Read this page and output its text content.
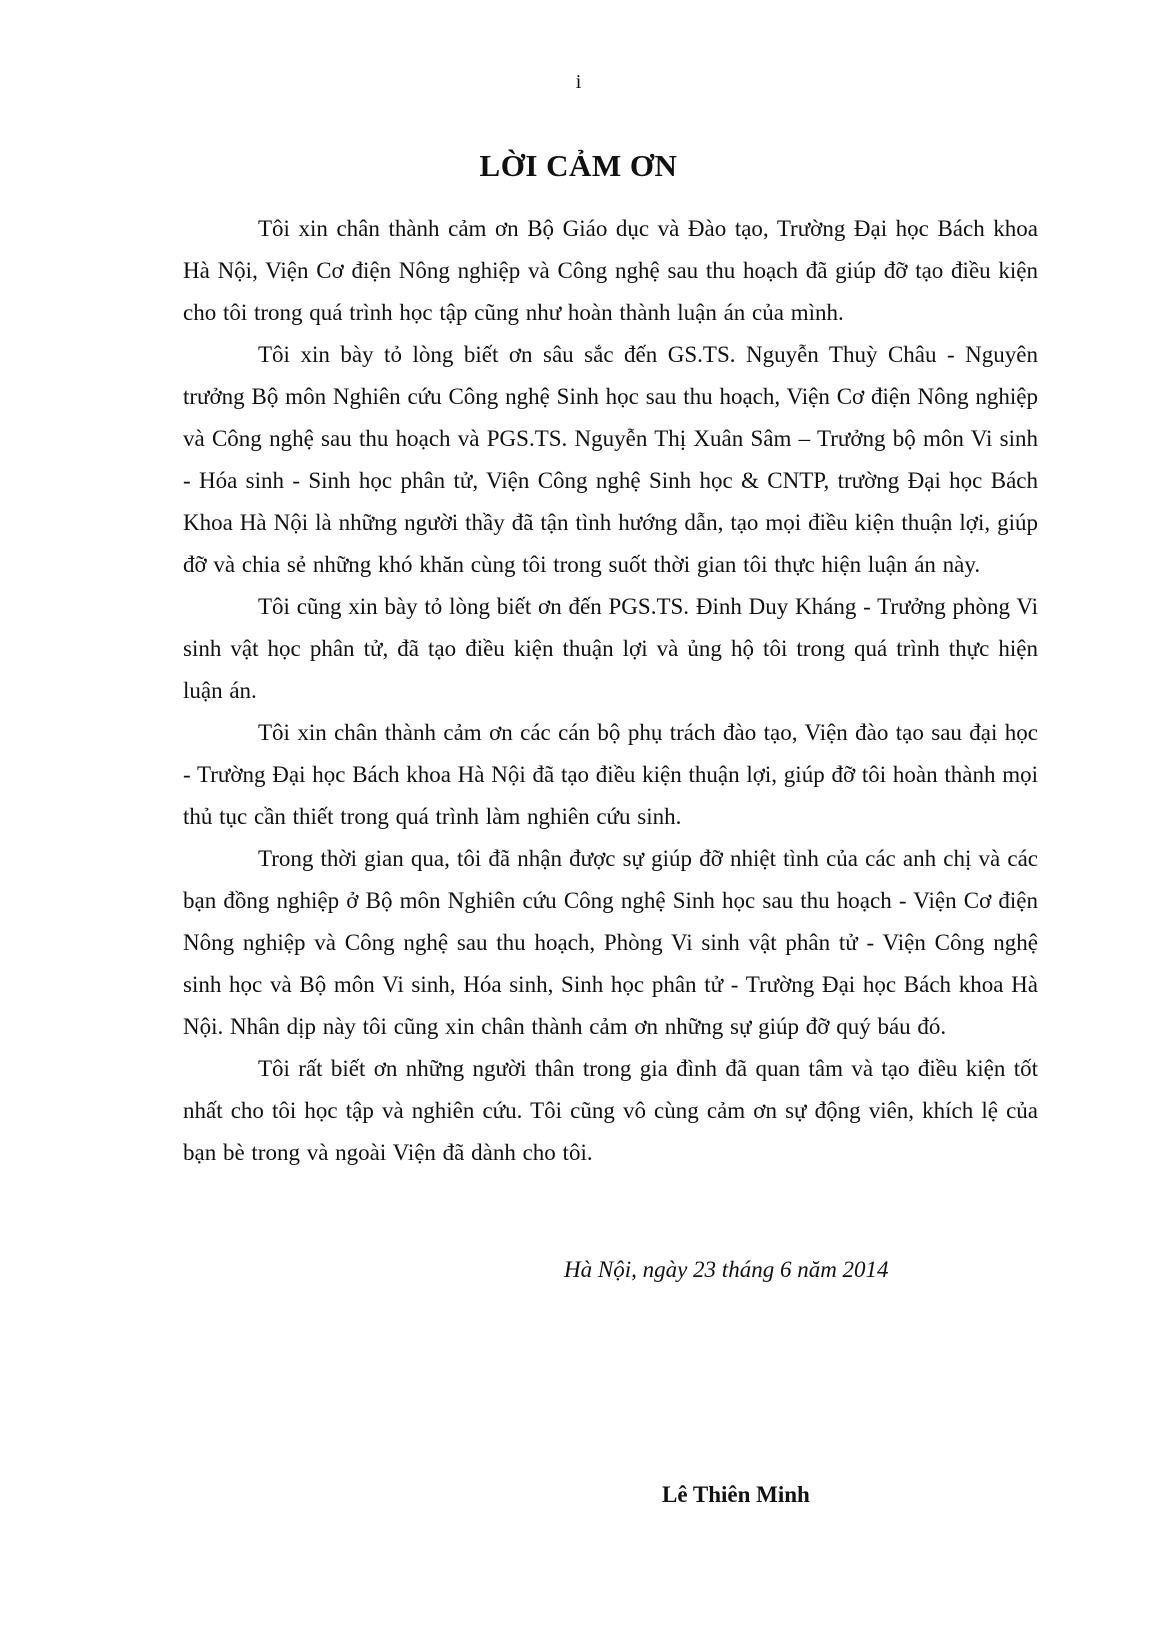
i
LỜI CẢM ƠN

Tôi xin chân thành cảm ơn Bộ Giáo dục và Đào tạo, Trường Đại học Bách khoa Hà Nội, Viện Cơ điện Nông nghiệp và Công nghệ sau thu hoạch đã giúp đỡ tạo điều kiện cho tôi trong quá trình học tập cũng như hoàn thành luận án của mình.

Tôi xin bày tỏ lòng biết ơn sâu sắc đến GS.TS. Nguyễn Thuỳ Châu - Nguyên trưởng Bộ môn Nghiên cứu Công nghệ Sinh học sau thu hoạch, Viện Cơ điện Nông nghiệp và Công nghệ sau thu hoạch và PGS.TS. Nguyễn Thị Xuân Sâm – Trưởng bộ môn Vi sinh - Hóa sinh - Sinh học phân tử, Viện Công nghệ Sinh học & CNTP, trường Đại học Bách Khoa Hà Nội là những người thầy đã tận tình hướng dẫn, tạo mọi điều kiện thuận lợi, giúp đỡ và chia sẻ những khó khăn cùng tôi trong suốt thời gian tôi thực hiện luận án này.

Tôi cũng xin bày tỏ lòng biết ơn đến PGS.TS. Đinh Duy Kháng - Trưởng phòng Vi sinh vật học phân tử, đã tạo điều kiện thuận lợi và ủng hộ tôi trong quá trình thực hiện luận án.

Tôi xin chân thành cảm ơn các cán bộ phụ trách đào tạo, Viện đào tạo sau đại học - Trường Đại học Bách khoa Hà Nội đã tạo điều kiện thuận lợi, giúp đỡ tôi hoàn thành mọi thủ tục cần thiết trong quá trình làm nghiên cứu sinh.

Trong thời gian qua, tôi đã nhận được sự giúp đỡ nhiệt tình của các anh chị và các bạn đồng nghiệp ở Bộ môn Nghiên cứu Công nghệ Sinh học sau thu hoạch - Viện Cơ điện Nông nghiệp và Công nghệ sau thu hoạch, Phòng Vi sinh vật phân tử - Viện Công nghệ sinh học và Bộ môn Vi sinh, Hóa sinh, Sinh học phân tử - Trường Đại học Bách khoa Hà Nội. Nhân dịp này tôi cũng xin chân thành cảm ơn những sự giúp đỡ quý báu đó.

Tôi rất biết ơn những người thân trong gia đình đã quan tâm và tạo điều kiện tốt nhất cho tôi học tập và nghiên cứu. Tôi cũng vô cùng cảm ơn sự động viên, khích lệ của bạn bè trong và ngoài Viện đã dành cho tôi.

Hà Nội, ngày 23 tháng 6 năm 2014
Lê Thiên Minh
